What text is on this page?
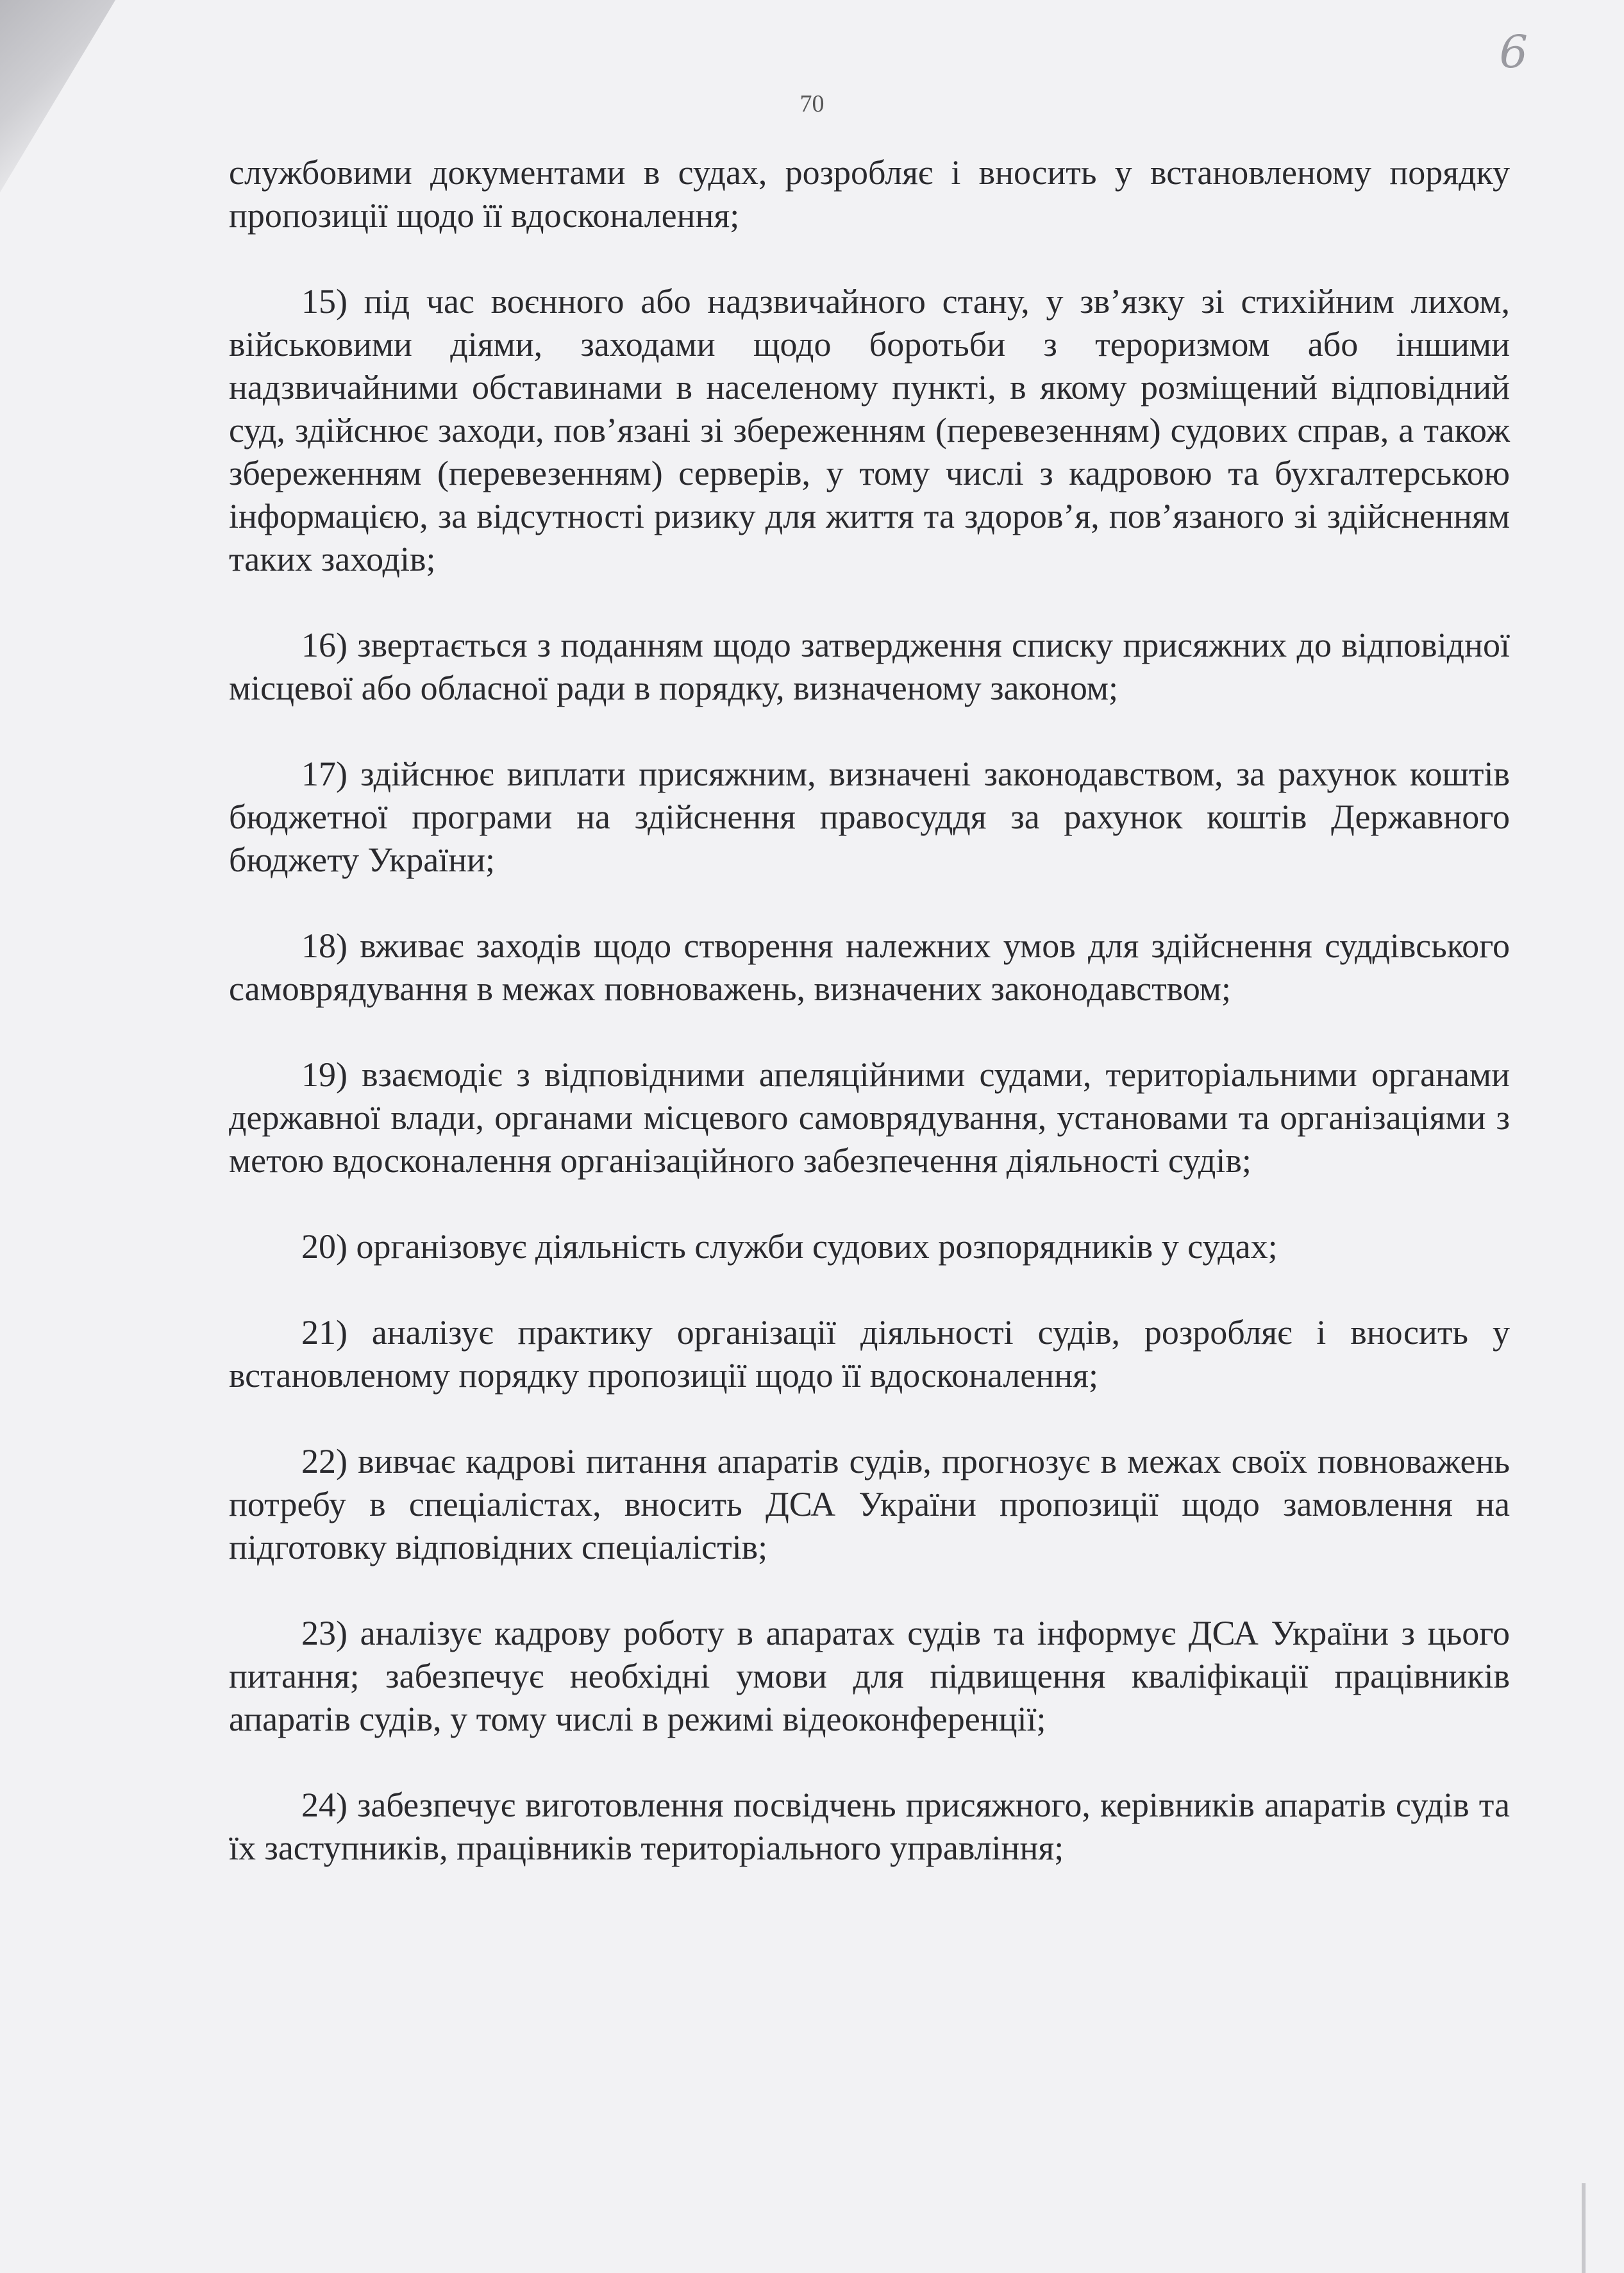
6
70

службовими документами в судах, розробляє і вносить у встановленому порядку пропозиції щодо її вдосконалення;

15) під час воєнного або надзвичайного стану, у зв’язку зі стихійним лихом, військовими діями, заходами щодо боротьби з тероризмом або іншими надзвичайними обставинами в населеному пункті, в якому розміщений відповідний суд, здійснює заходи, пов’язані зі збереженням (перевезенням) судових справ, а також збереженням (перевезенням) серверів, у тому числі з кадровою та бухгалтерською інформацією, за відсутності ризику для життя та здоров’я, пов’язаного зі здійсненням таких заходів;

16) звертається з поданням щодо затвердження списку присяжних до відповідної місцевої або обласної ради в порядку, визначеному законом;

17) здійснює виплати присяжним, визначені законодавством, за рахунок коштів бюджетної програми на здійснення правосуддя за рахунок коштів Державного бюджету України;

18) вживає заходів щодо створення належних умов для здійснення суддівського самоврядування в межах повноважень, визначених законодавством;

19) взаємодіє з відповідними апеляційними судами, територіальними органами державної влади, органами місцевого самоврядування, установами та організаціями з метою вдосконалення організаційного забезпечення діяльності судів;

20) організовує діяльність служби судових розпорядників у судах;

21) аналізує практику організації діяльності судів, розробляє і вносить у встановленому порядку пропозиції щодо її вдосконалення;

22) вивчає кадрові питання апаратів судів, прогнозує в межах своїх повноважень потребу в спеціалістах, вносить ДСА України пропозиції щодо замовлення на підготовку відповідних спеціалістів;

23) аналізує кадрову роботу в апаратах судів та інформує ДСА України з цього питання; забезпечує необхідні умови для підвищення кваліфікації працівників апаратів судів, у тому числі в режимі відеоконференції;

24) забезпечує виготовлення посвідчень присяжного, керівників апаратів судів та їх заступників, працівників територіального управління;
